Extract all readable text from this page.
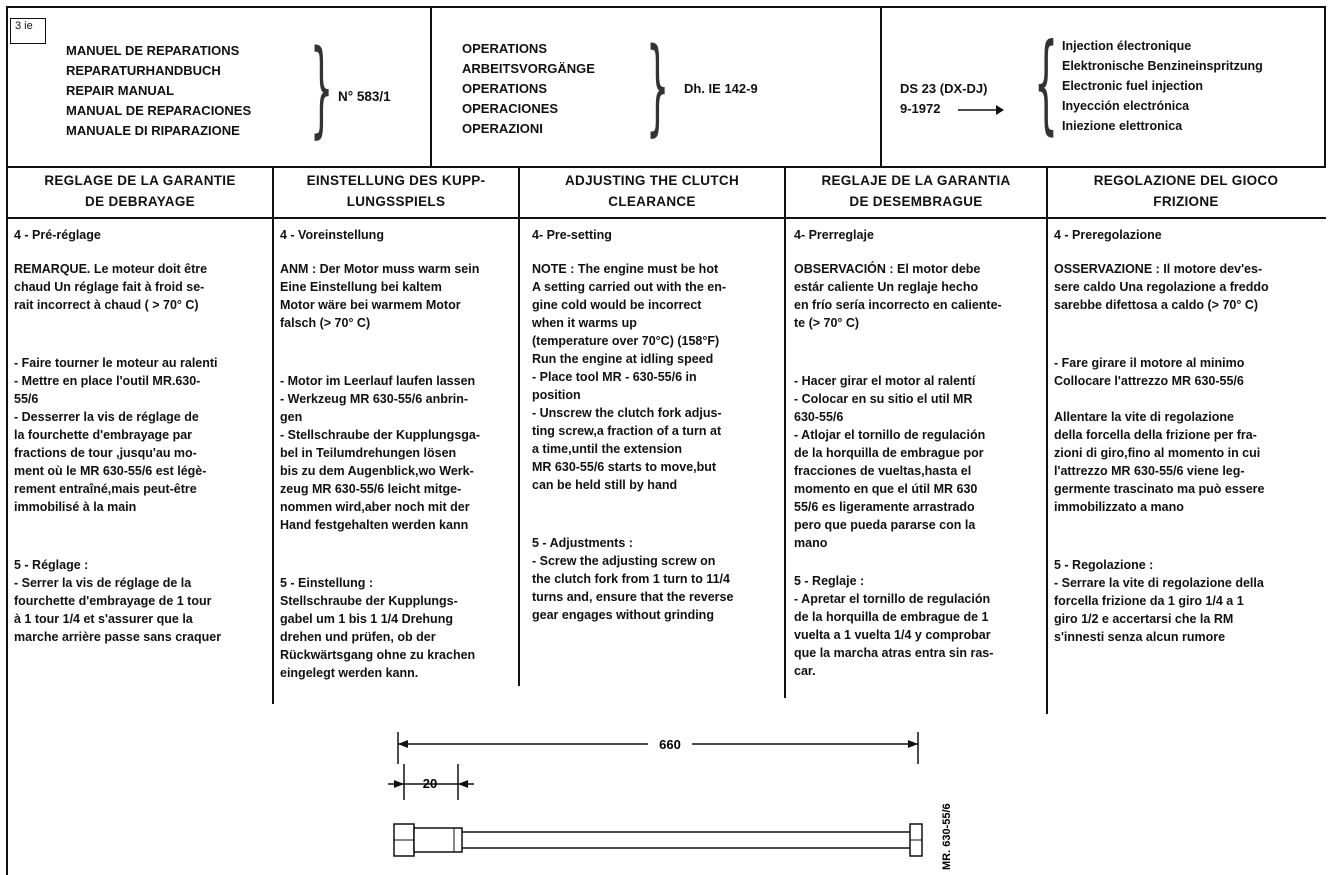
3 ie
MANUEL DE REPARATIONS
REPARATURHANDBUCH
REPAIR MANUAL
MANUAL DE REPARACIONES
MANUALE DI RIPARAZIONE } N° 583/1
OPERATIONS
ARBEITSVORGÄNGE
OPERATIONS
OPERACIONES
OPERAZIONI } Dh. IE 142-9	DS 23 (DX-DJ)
9-1972 { Injection électronique
Elektronische Benzineinspritzung
Electronic fuel injection
Inyección electrónica
Iniezione elettronica
REGLAGE DE LA GARANTIE
DE DEBRAYAGE
EINSTELLUNG DES KUPP-
LUNGSSPIELS
ADJUSTING THE CLUTCH
CLEARANCE
REGLAJE DE LA GARANTIA
DE DESEMBRAGUE
REGOLAZIONE DEL GIOCO
FRIZIONE

4 - Pré-réglage

REMARQUE. Le moteur doit être
chaud Un réglage fait à froid se-
rait incorrect à chaud ( > 70° C)

- Faire tourner le moteur au ralenti
- Mettre en place l'outil MR.630-
55/6
- Desserrer la vis de réglage de
la fourchette d'embrayage par
fractions de tour ,jusqu'au mo-
ment où le MR 630-55/6 est légè-
rement entraîné,mais peut-être
immobilisé à la main

5 - Réglage :

- Serrer la vis de réglage de la
fourchette d'embrayage de 1 tour
à 1 tour 1/4 et s'assurer que la
marche arrière passe sans craquer

4 - Voreinstellung

ANM : Der Motor muss warm sein
Eine Einstellung bei kaltem
Motor wäre bei warmem Motor
falsch (> 70° C)

- Motor im Leerlauf laufen lassen
- Werkzeug MR 630-55/6 anbrin-
gen
- Stellschraube der Kupplungsga-
bel in Teilumdrehungen lösen
bis zu dem Augenblick,wo Werk-
zeug MR 630-55/6 leicht mitge-
nommen wird,aber noch mit der
Hand festgehalten werden kann

5 - Einstellung :

Stellschraube der Kupplungs-
gabel um 1 bis 1 1/4 Drehung
drehen und prüfen, ob der
Rückwärtsgang ohne zu krachen
eingelegt werden kann.

4- Pre-setting

NOTE : The engine must be hot
A setting carried out with the en-
gine cold would be incorrect
when it warms up
(temperature over 70°C) (158°F)

Run the engine at idling speed
- Place tool MR - 630-55/6 in
position
- Unscrew the clutch fork adjus-
ting screw,a fraction of a turn at
a time,until the extension
MR 630-55/6 starts to move,but
can be held still by hand

5 - Adjustments :

- Screw the adjusting screw on
the clutch fork from 1 turn to 11/4
turns and, ensure that the reverse
gear engages without grinding

4- Prerreglaje

OBSERVACIÓN : El motor debe
estár caliente Un reglaje hecho
en frío sería incorrecto en caliente-
te (> 70° C)

- Hacer girar el motor al ralentí
- Colocar en su sitio el util MR
630-55/6
- Atlojar el tornillo de regulación
de la horquilla de embrague por
fracciones de vueltas,hasta el
momento en que el útil MR 630
55/6 es ligeramente arrastrado
pero que pueda pararse con la
mano

5 - Reglaje :

- Apretar el tornillo de regulación
de la horquilla de embrague de 1
vuelta a 1 vuelta 1/4 y comprobar
que la marcha atras entra sin ras-
car.

4 - Preregolazione

OSSERVAZIONE : Il motore dev'es-
sere caldo Una regolazione a freddo
sarebbe difettosa a caldo (> 70° C)

- Fare girare il motore al minimo
Collocare l'attrezzo MR 630-55/6

Allentare la vite di regolazione
della forcella della frizione per fra-
zioni di giro,fino al momento in cui
l'attrezzo MR 630-55/6 viene leg-
germente trascinato ma può essere
immobilizzato a mano

5 - Regolazione :

- Serrare la vite di regolazione della
forcella frizione da 1 giro 1/4 a 1
giro 1/2 e accertarsi che la RM
s'innesti senza alcun rumore

660
20
MR. 630-55/6
